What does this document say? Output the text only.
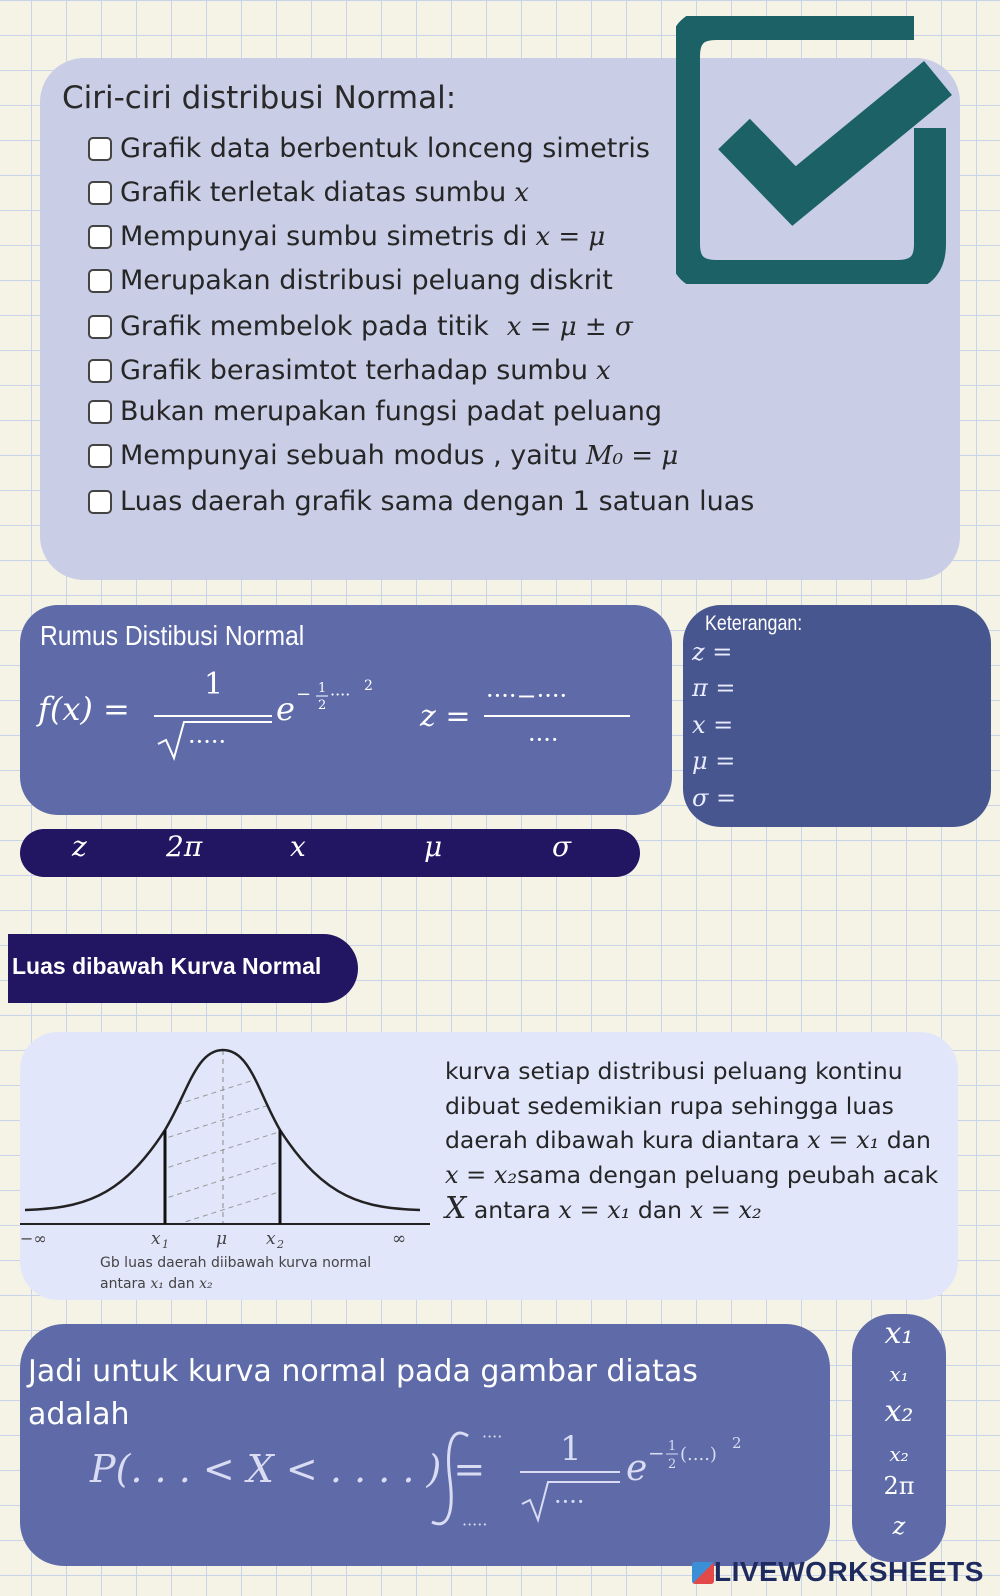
Ciri-ciri distribusi Normal:
Grafik data berbentuk lonceng simetris
Grafik terletak diatas sumbu x
Mempunyai sumbu simetris di x = μ
Merupakan distribusi peluang diskrit
Grafik membelok pada titik x = μ ± σ
Grafik berasimtot terhadap sumbu x
Bukan merupakan fungsi padat peluang
Mempunyai sebuah modus , yaitu M₀ = μ
Luas daerah grafik sama dengan 1 satuan luas
Rumus Distibusi Normal
f(x) =
1
·····
e − 1
2
···· 2
z =
····−····
····
Keterangan:
z =
π =
x =
μ =
σ =
z	2π	x	μ	σ
Luas dibawah Kurva Normal
−∞	x 1	μ x 2	∞
Gb luas daerah diibawah kurva normal
antara x₁ dan x₂
kurva setiap distribusi peluang kontinu dibuat sedemikian rupa sehingga luas daerah dibawah kura diantara x = x₁ dan x = x₂sama dengan peluang peubah acak X antara x = x₁ dan x = x₂
Jadi untuk kurva normal pada gambar diatas adalah
P(. . . < X < . . . . ) =
····
·····
1
····
e − 1
2 (....)
2
x₁
x₁
x₂
x₂
2π
z
LIVEWORKSHEETS
